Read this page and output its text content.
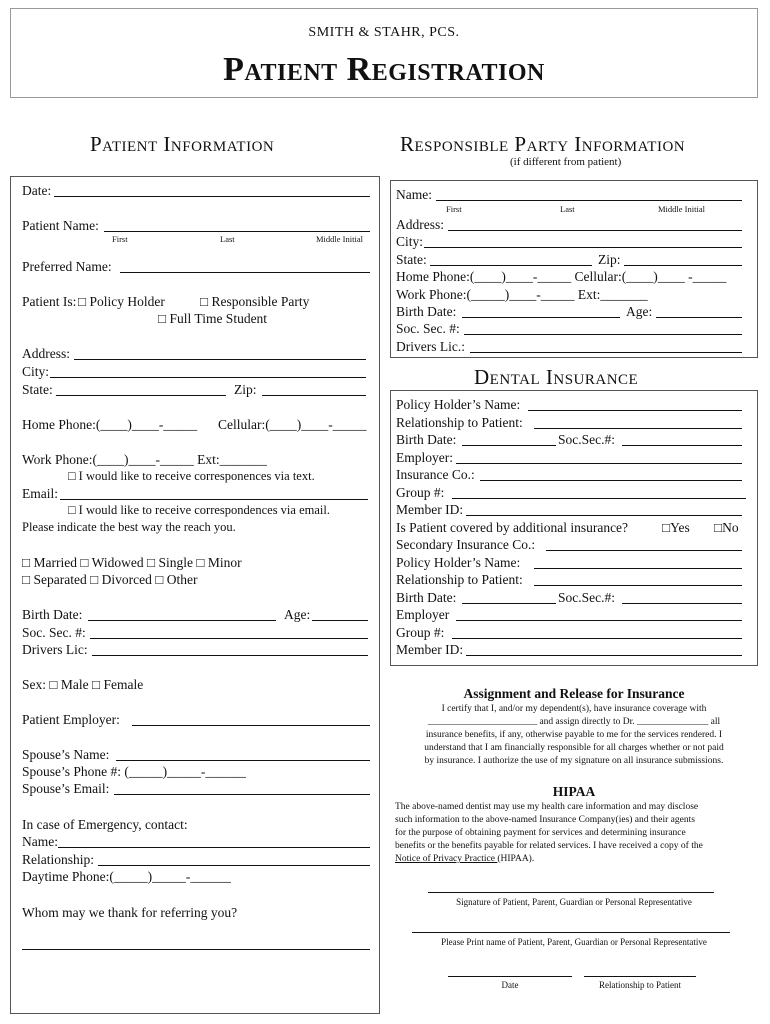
SMITH & STAHR, PCS.
Patient Registration
Patient Information	Responsible Party Information
(if different from patient)
Date:
Patient Name:
First	Last	Middle Initial
Preferred Name:
Patient Is: □ Policy Holder	□ Responsible Party
□ Full Time Student
Address:
City:
State:	Zip:
Home Phone:(____)____-_____ Cellular:(____)____-_____
Work Phone:(____)____-_____ Ext:_______
□ I would like to receive corresponences via text.
Email:
□ I would like to receive correspondences via email.
Please indicate the best way the reach you.
□ Married □ Widowed □ Single □ Minor
□ Separated □ Divorced □ Other
Birth Date:	Age:
Soc. Sec. #:
Drivers Lic:
Sex: □ Male □ Female
Patient Employer:
Spouse’s Name:
Spouse’s Phone #: (_____)_____-______
Spouse’s Email:
In case of Emergency, contact:
Name:
Relationship:
Daytime Phone:(_____)_____-______
Whom may we thank for referring you?
Name:
First	Last	Middle Initial
Address:
City:
State:	Zip:
Home Phone:(____)____-_____ Cellular:(____)____ -_____
Work Phone:(_____)____-_____ Ext:_______
Birth Date:	Age:
Soc. Sec. #:
Drivers Lic.:
Dental Insurance
Policy Holder’s Name:
Relationship to Patient:
Birth Date:	Soc.Sec.#:
Employer:
Insurance Co.:
Group #:
Member ID:
Is Patient covered by additional insurance?	□Yes □No
Secondary Insurance Co.:
Policy Holder’s Name:
Relationship to Patient:
Birth Date:	Soc.Sec.#:
Employer
Group #:
Member ID:
Assignment and Release for Insurance
I certify that I, and/or my dependent(s), have insurance coverage with
_______________________ and assign directly to Dr. _______________ all
insurance benefits, if any, otherwise payable to me for the services rendered. I
understand that I am financially responsible for all charges whether or not paid
by insurance. I authorize the use of my signature on all insurance submissions.
HIPAA
The above-named dentist may use my health care information and may disclose
such information to the above-named Insurance Company(ies) and their agents
for the purpose of obtaining payment for services and determining insurance
benefits or the benefits payable for related services. I have received a copy of the
Notice of Privacy Practice (HIPAA).
Signature of Patient, Parent, Guardian or Personal Representative
Please Print name of Patient, Parent, Guardian or Personal Representative
Date	Relationship to Patient
